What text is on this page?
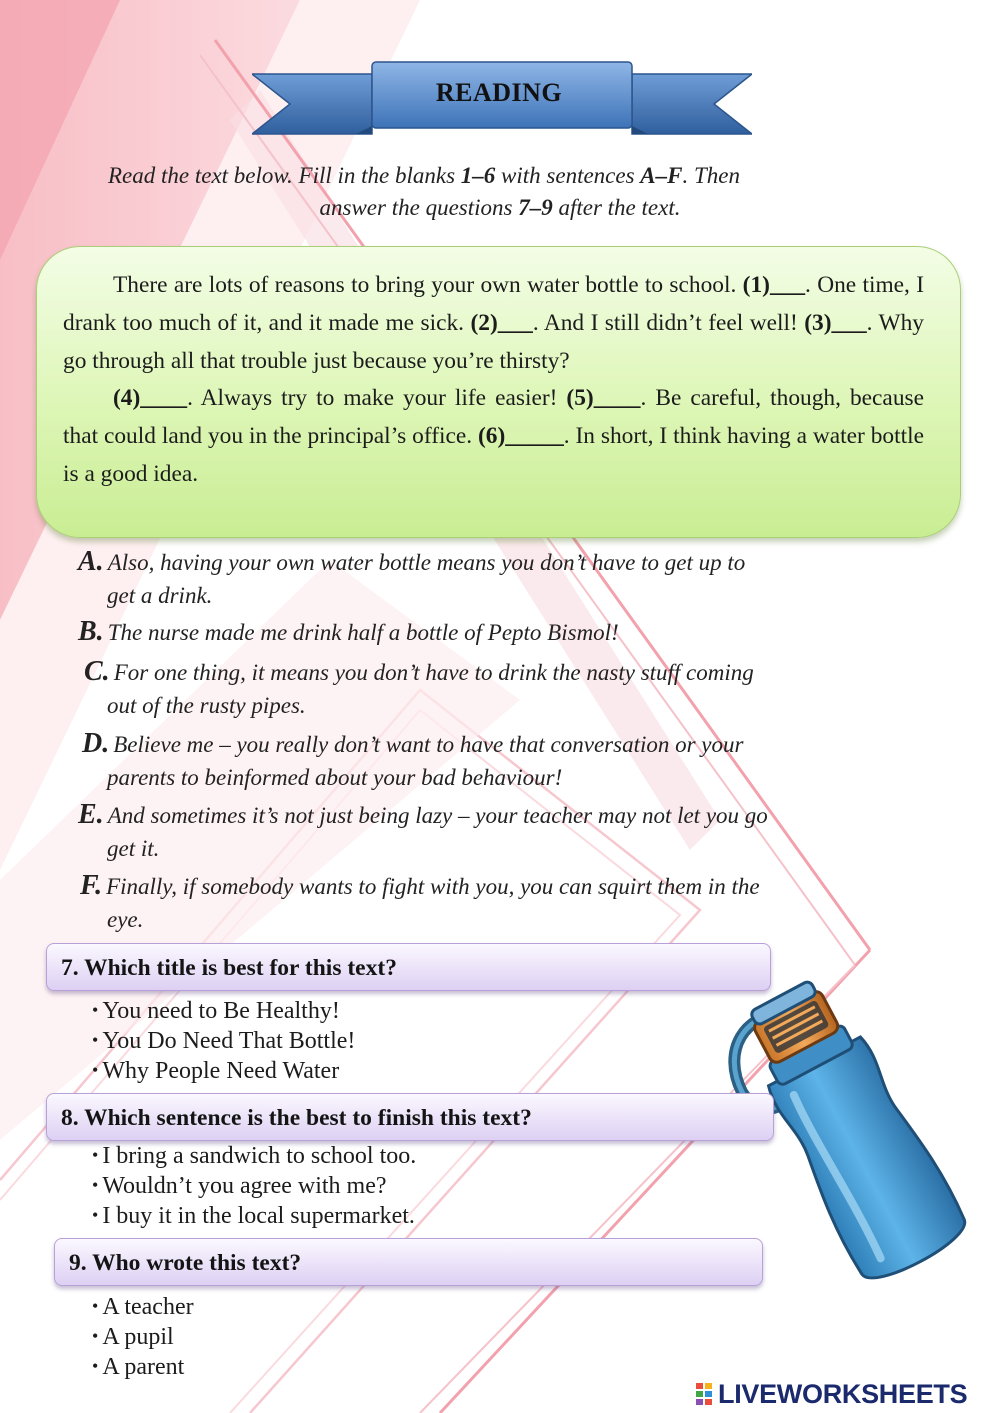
READING
Read the text below. Fill in the blanks 1–6 with sentences A–F. Then
answer the questions 7–9 after the text.

There are lots of reasons to bring your own water bottle to school. (1)___. One time, I drank too much of it, and it made me sick. (2)___. And I still didn’t feel well! (3)___. Why go through all that trouble just because you’re thirsty?

(4)____. Always try to make your life easier! (5)____. Be careful, though, because that could land you in the principal’s office. (6)_____. In short, I think having a water bottle is a good idea.

A. Also, having your own water bottle means you don’t have to get up to
get a drink.
B. The nurse made me drink half a bottle of Pepto Bismol!
C. For one thing, it means you don’t have to drink the nasty stuff coming
out of the rusty pipes.
D. Believe me – you really don’t want to have that conversation or your
parents to beinformed about your bad behaviour!
E. And sometimes it’s not just being lazy – your teacher may not let you go
get it.
F. Finally, if somebody wants to fight with you, you can squirt them in the
eye.
7. Which title is best for this text?
• You need to Be Healthy!
• You Do Need That Bottle!
• Why People Need Water
8. Which sentence is the best to finish this text?
• I bring a sandwich to school too.
• Wouldn’t you agree with me?
• I buy it in the local supermarket.
9. Who wrote this text?
• A teacher
• A pupil
• A parent
LIVEWORKSHEETS
